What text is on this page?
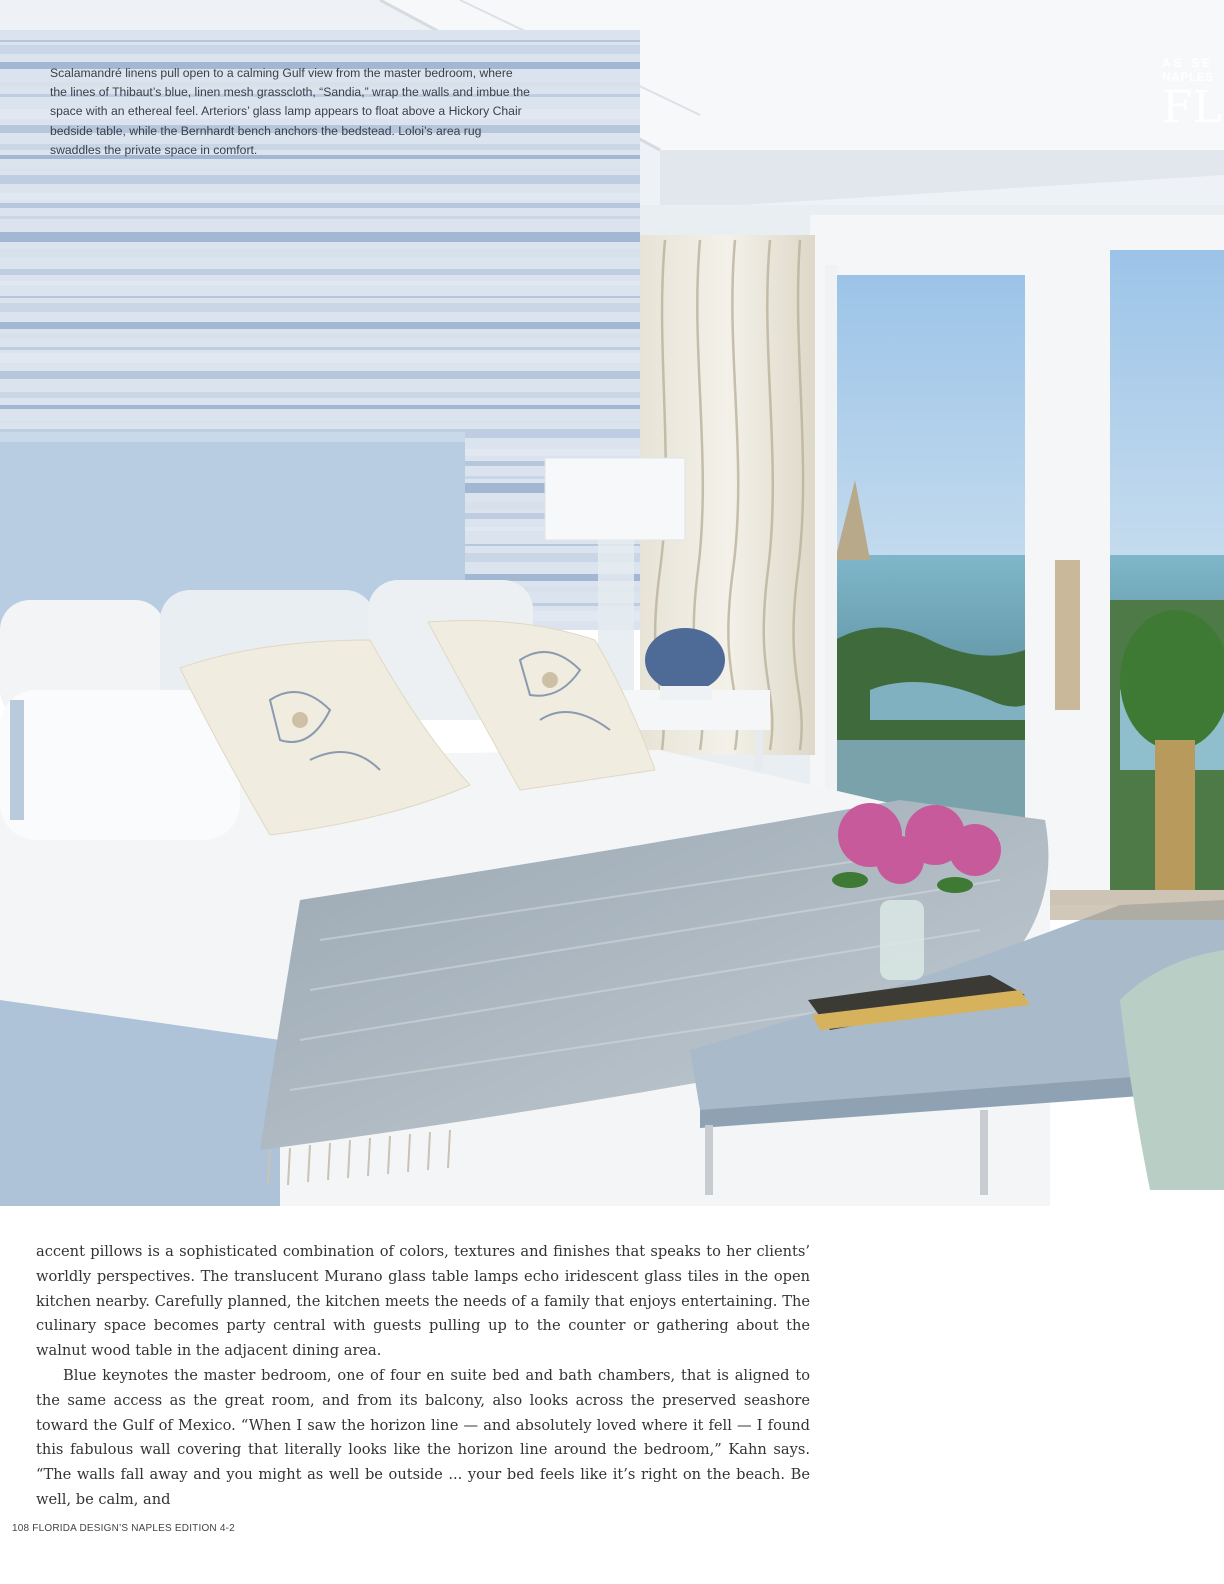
Scalamandré linens pull open to a calming Gulf view from the master bedroom, where the lines of Thibaut’s blue, linen mesh grasscloth, “Sandia,” wrap the walls and imbue the space with an ethereal feel. Arteriors’ glass lamp appears to float above a Hickory Chair bedside table, while the Bernhardt bench anchors the bedstead. Loloi’s area rug swaddles the private space in comfort.

AS SE
NAPLES
FL

accent pillows is a sophisticated combination of colors, textures and finishes that speaks to her clients’ worldly perspectives. The translucent Murano glass table lamps echo iridescent glass tiles in the open kitchen nearby. Carefully planned, the kitchen meets the needs of a family that enjoys entertaining. The culinary space becomes party central with guests pulling up to the counter or gathering about the walnut wood table in the adjacent dining area.

Blue keynotes the master bedroom, one of four en suite bed and bath chambers, that is aligned to the same access as the great room, and from its balcony, also looks across the preserved seashore toward the Gulf of Mexico. “When I saw the horizon line — and absolutely loved where it fell — I found this fabulous wall covering that literally looks like the horizon line around the bedroom,” Kahn says. “The walls fall away and you might as well be outside ... your bed feels like it’s right on the beach. Be well, be calm, and

108 FLORIDA DESIGN’S NAPLES EDITION 4-2
